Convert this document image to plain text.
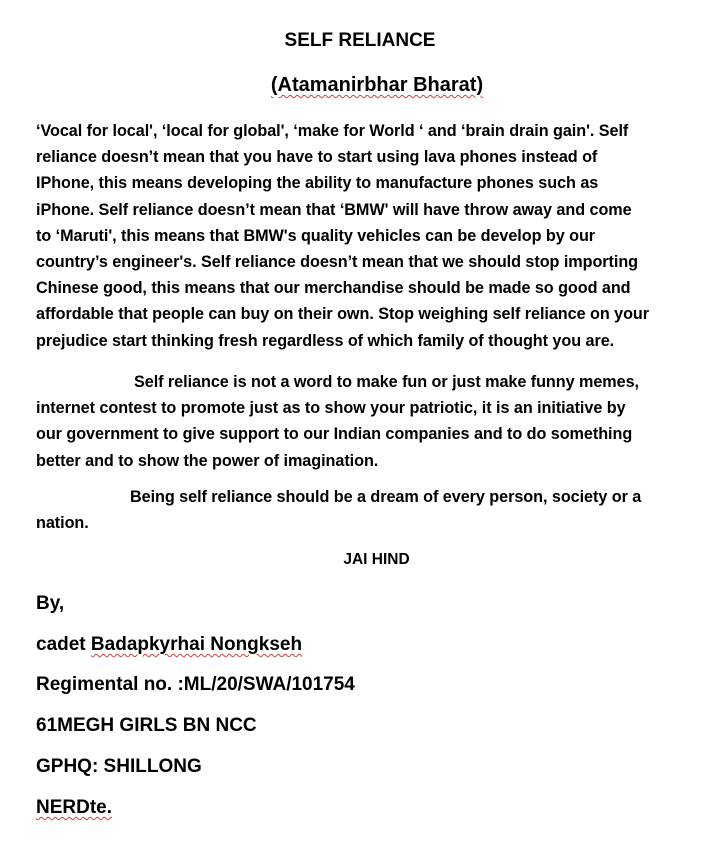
SELF RELIANCE

(Atamanirbhar Bharat)

‘Vocal for local', ‘local for global', ‘make for World ‘ and ‘brain drain gain'. Self
reliance doesn’t mean that you have to start using lava phones instead of
IPhone, this means developing the ability to manufacture phones such as
iPhone. Self reliance doesn’t mean that ‘BMW' will have throw away and come
to ‘Maruti', this means that BMW's quality vehicles can be develop by our
country’s engineer's. Self reliance doesn’t mean that we should stop importing
Chinese good, this means that our merchandise should be made so good and
affordable that people can buy on their own. Stop weighing self reliance on your
prejudice start thinking fresh regardless of which family of thought you are.
Self reliance is not a word to make fun or just make funny memes,
internet contest to promote just as to show your patriotic, it is an initiative by
our government to give support to our Indian companies and to do something
better and to show the power of imagination.
Being self reliance should be a dream of every person, society or a
nation.
JAI HIND

By,

cadet Badapkyrhai Nongkseh

Regimental no. :ML/20/SWA/101754

61MEGH GIRLS BN NCC

GPHQ: SHILLONG

NERDte.
